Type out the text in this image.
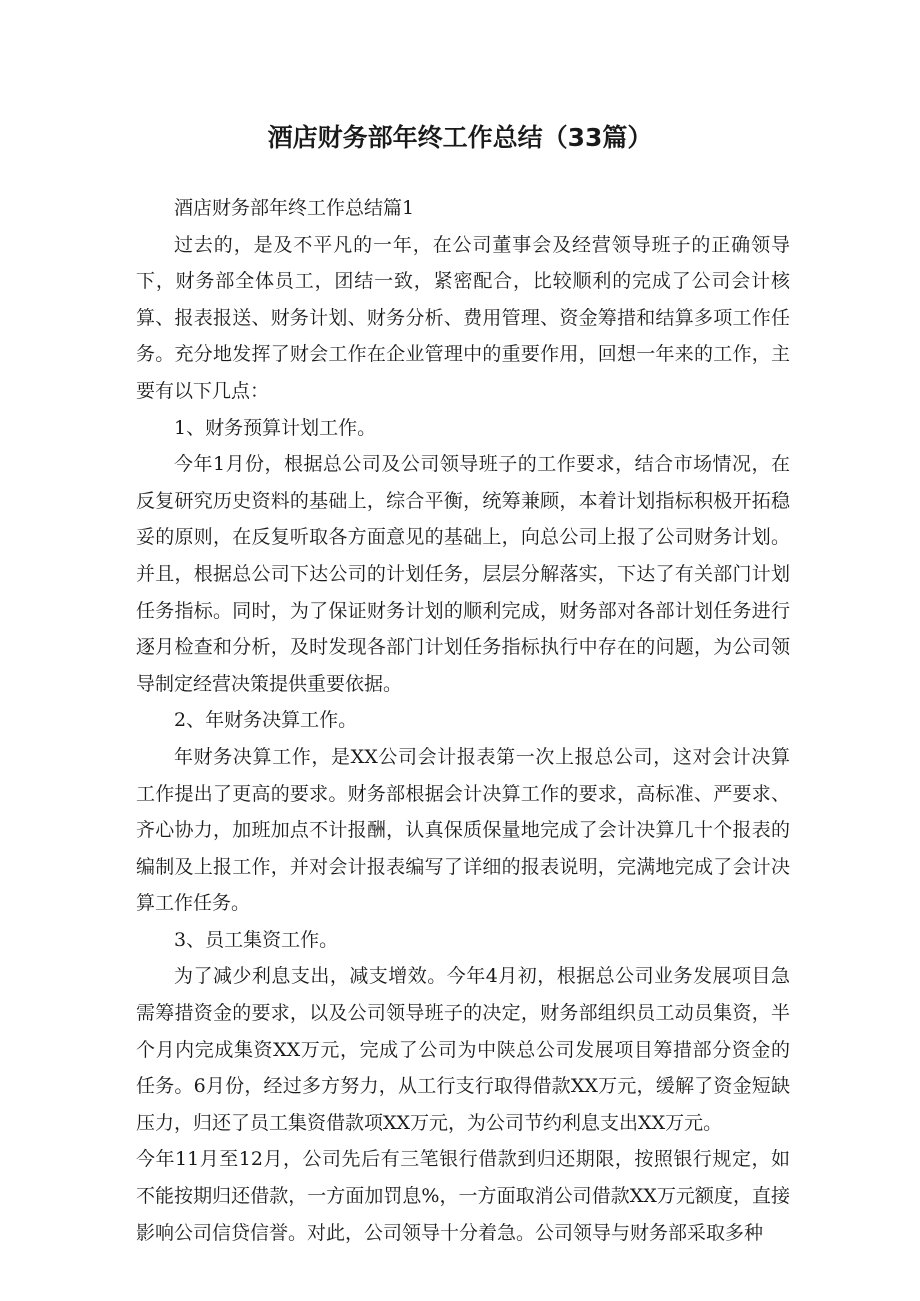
酒店财务部年终工作总结（33篇）

酒店财务部年终工作总结篇1

过去的，是及不平凡的一年，在公司董事会及经营领导班子的正确领导下，财务部全体员工，团结一致，紧密配合，比较顺利的完成了公司会计核算、报表报送、财务计划、财务分析、费用管理、资金筹措和结算多项工作任务。充分地发挥了财会工作在企业管理中的重要作用，回想一年来的工作，主要有以下几点：

1、财务预算计划工作。

今年1月份，根据总公司及公司领导班子的工作要求，结合市场情况，在反复研究历史资料的基础上，综合平衡，统筹兼顾，本着计划指标积极开拓稳妥的原则，在反复听取各方面意见的基础上，向总公司上报了公司财务计划。并且，根据总公司下达公司的计划任务，层层分解落实，下达了有关部门计划任务指标。同时，为了保证财务计划的顺利完成，财务部对各部计划任务进行逐月检查和分析，及时发现各部门计划任务指标执行中存在的问题，为公司领导制定经营决策提供重要依据。

2、年财务决算工作。

年财务决算工作，是XX公司会计报表第一次上报总公司，这对会计决算工作提出了更高的要求。财务部根据会计决算工作的要求，高标准、严要求、齐心协力，加班加点不计报酬，认真保质保量地完成了会计决算几十个报表的编制及上报工作，并对会计报表编写了详细的报表说明，完满地完成了会计决算工作任务。

3、员工集资工作。

为了减少利息支出，减支增效。今年4月初，根据总公司业务发展项目急需筹措资金的要求，以及公司领导班子的决定，财务部组织员工动员集资，半个月内完成集资XX万元，完成了公司为中陕总公司发展项目筹措部分资金的任务。6月份，经过多方努力，从工行支行取得借款XX万元，缓解了资金短缺压力，归还了员工集资借款项XX万元，为公司节约利息支出XX万元。

今年11月至12月，公司先后有三笔银行借款到归还期限，按照银行规定，如不能按期归还借款，一方面加罚息%，一方面取消公司借款XX万元额度，直接影响公司信贷信誉。对此，公司领导十分着急。公司领导与财务部采取多种
